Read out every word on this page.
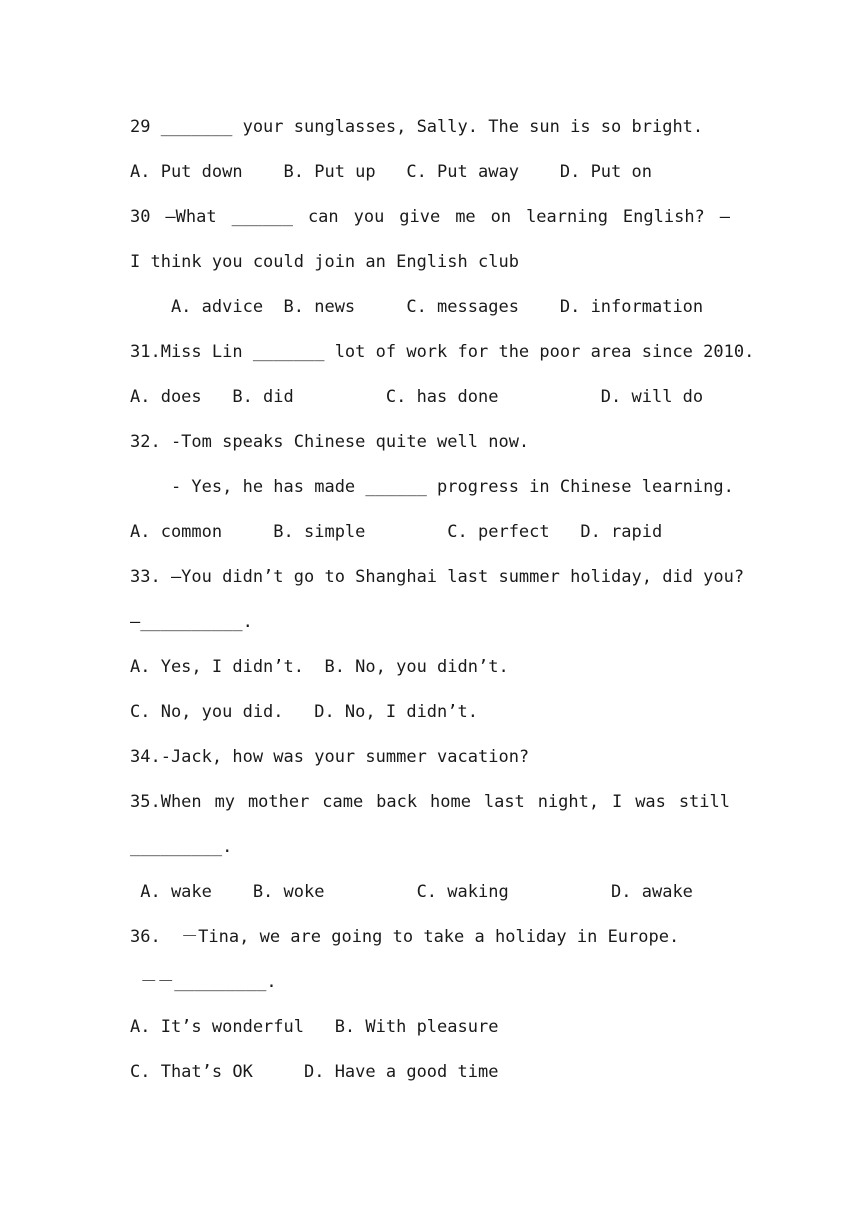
29 _______ your sunglasses, Sally. The sun is so bright.
A. Put down    B. Put up   C. Put away    D. Put on
30 —What ______ can you give me on learning English? —
I think you could join an English club
A. advice  B. news     C. messages    D. information
31.Miss Lin _______ lot of work for the poor area since 2010.
A. does   B. did         C. has done          D. will do
32. -Tom speaks Chinese quite well now.
- Yes, he has made ______ progress in Chinese learning.
A. common     B. simple        C. perfect   D. rapid
33. —You didn’t go to Shanghai last summer holiday, did you?
—__________.
A. Yes, I didn’t.  B. No, you didn’t.
C. No, you did.   D. No, I didn’t.
34.-Jack, how was your summer vacation?
35.When my mother came back home last night, I was still
_________.
A. wake    B. woke         C. waking          D. awake
36.  －Tina, we are going to take a holiday in Europe.
－－_________.
A. It’s wonderful   B. With pleasure
C. That’s OK     D. Have a good time
